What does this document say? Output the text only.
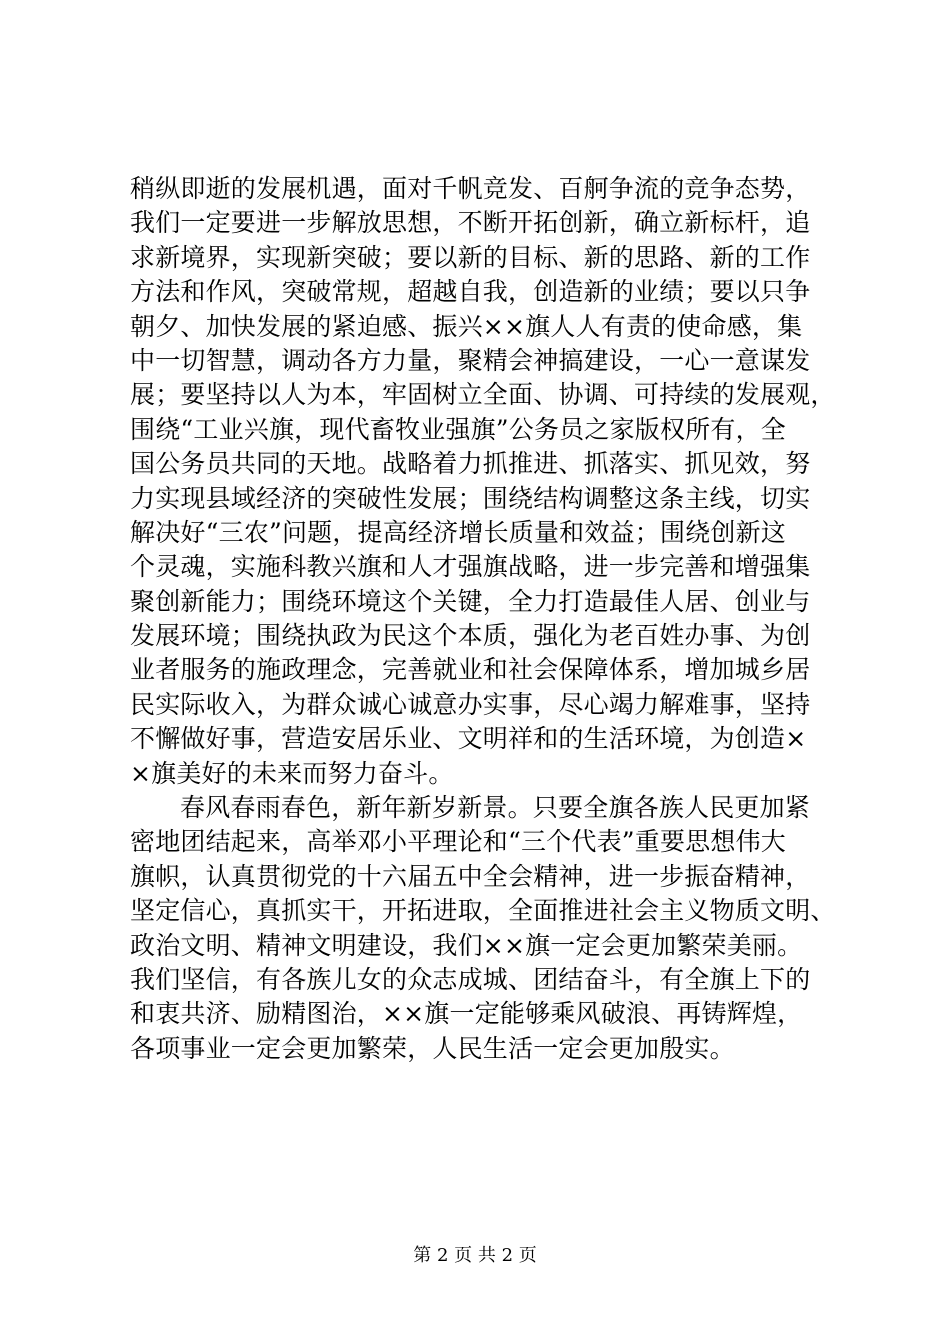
稍纵即逝的发展机遇，面对千帆竞发、百舸争流的竞争态势，
我们一定要进一步解放思想，不断开拓创新，确立新标杆，追
求新境界，实现新突破；要以新的目标、新的思路、新的工作
方法和作风，突破常规，超越自我，创造新的业绩；要以只争
朝夕、加快发展的紧迫感、振兴××旗人人有责的使命感，集
中一切智慧，调动各方力量，聚精会神搞建设，一心一意谋发
展；要坚持以人为本，牢固树立全面、协调、可持续的发展观，
围绕“工业兴旗，现代畜牧业强旗”公务员之家版权所有，全
国公务员共同的天地。战略着力抓推进、抓落实、抓见效，努
力实现县域经济的突破性发展；围绕结构调整这条主线，切实
解决好“三农”问题，提高经济增长质量和效益；围绕创新这
个灵魂，实施科教兴旗和人才强旗战略，进一步完善和增强集
聚创新能力；围绕环境这个关键，全力打造最佳人居、创业与
发展环境；围绕执政为民这个本质，强化为老百姓办事、为创
业者服务的施政理念，完善就业和社会保障体系，增加城乡居
民实际收入，为群众诚心诚意办实事，尽心竭力解难事，坚持
不懈做好事，营造安居乐业、文明祥和的生活环境，为创造×
×旗美好的未来而努力奋斗。
春风春雨春色，新年新岁新景。只要全旗各族人民更加紧
密地团结起来，高举邓小平理论和“三个代表”重要思想伟大
旗帜，认真贯彻党的十六届五中全会精神，进一步振奋精神，
坚定信心，真抓实干，开拓进取，全面推进社会主义物质文明、
政治文明、精神文明建设，我们××旗一定会更加繁荣美丽。
我们坚信，有各族儿女的众志成城、团结奋斗，有全旗上下的
和衷共济、励精图治，××旗一定能够乘风破浪、再铸辉煌，
各项事业一定会更加繁荣，人民生活一定会更加殷实。
第 2 页 共 2 页
